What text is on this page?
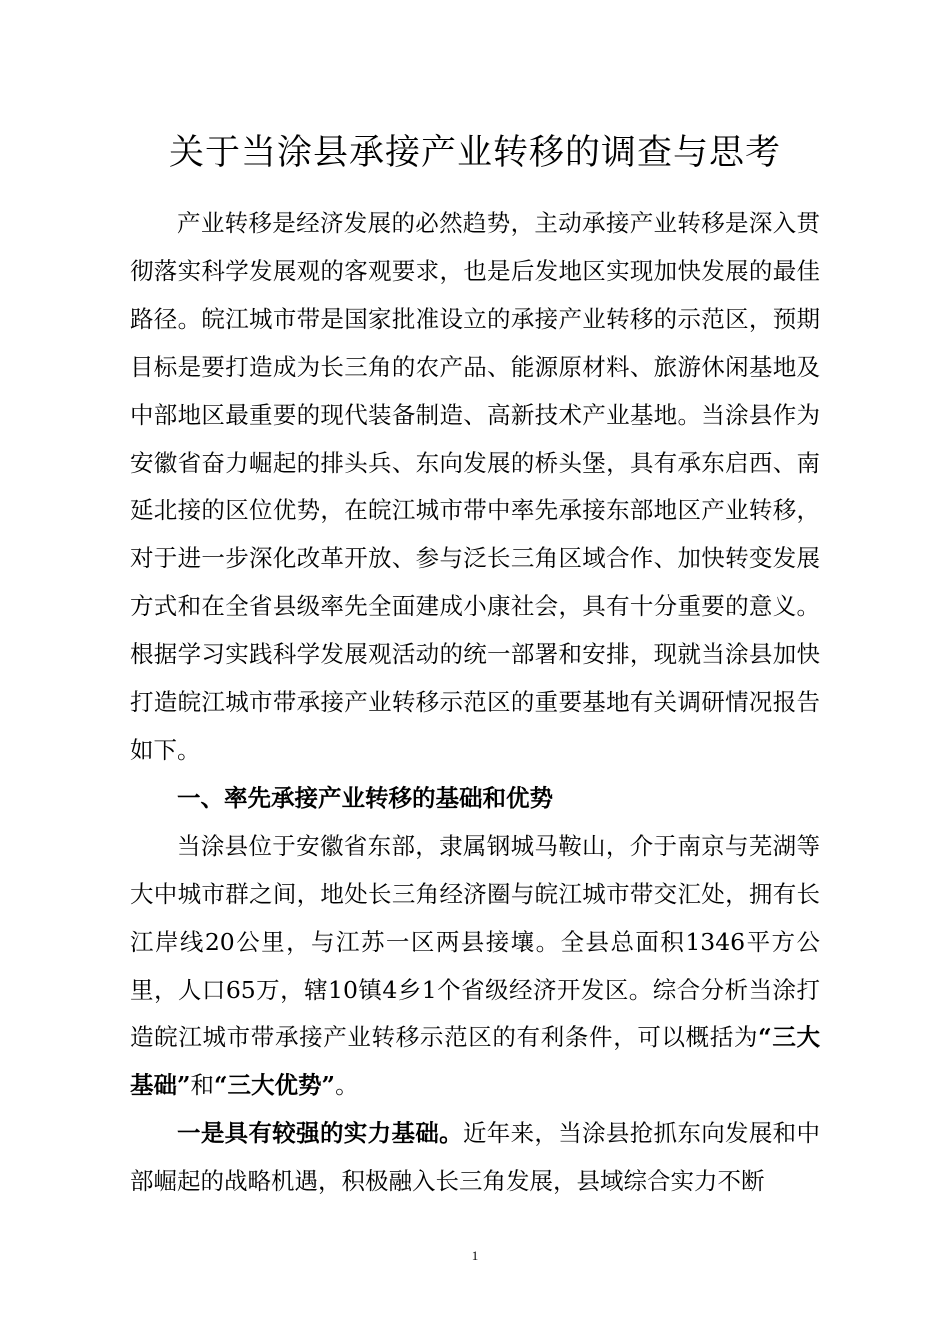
关于当涂县承接产业转移的调查与思考

产业转移是经济发展的必然趋势，主动承接产业转移是深入贯彻落实科学发展观的客观要求，也是后发地区实现加快发展的最佳路径。皖江城市带是国家批准设立的承接产业转移的示范区，预期目标是要打造成为长三角的农产品、能源原材料、旅游休闲基地及中部地区最重要的现代装备制造、高新技术产业基地。当涂县作为安徽省奋力崛起的排头兵、东向发展的桥头堡，具有承东启西、南延北接的区位优势，在皖江城市带中率先承接东部地区产业转移，对于进一步深化改革开放、参与泛长三角区域合作、加快转变发展方式和在全省县级率先全面建成小康社会，具有十分重要的意义。根据学习实践科学发展观活动的统一部署和安排，现就当涂县加快打造皖江城市带承接产业转移示范区的重要基地有关调研情况报告如下。

一、率先承接产业转移的基础和优势

当涂县位于安徽省东部，隶属钢城马鞍山，介于南京与芜湖等大中城市群之间，地处长三角经济圈与皖江城市带交汇处，拥有长江岸线20公里，与江苏一区两县接壤。全县总面积1346平方公里，人口65万，辖10镇4乡1个省级经济开发区。综合分析当涂打造皖江城市带承接产业转移示范区的有利条件，可以概括为“三大基础”和“三大优势”。

一是具有较强的实力基础。近年来，当涂县抢抓东向发展和中部崛起的战略机遇，积极融入长三角发展，县域综合实力不断

1
